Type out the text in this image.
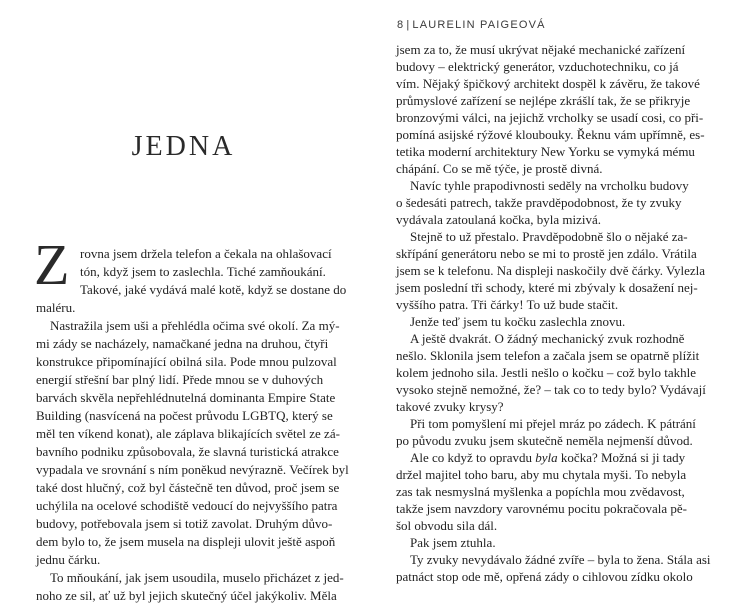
JEDNA
Z rovna jsem držela telefon a čekala na ohlašovací
tón, když jsem to zaslechla. Tiché zamňoukání.
Takové, jaké vydává malé kotě, když se dostane do
maléru.
Nastražila jsem uši a přehlédla očima své okolí. Za mý-
mi zády se nacházely, namačkané jedna na druhou, čtyři
konstrukce připomínající obilná sila. Pode mnou pulzoval
energií střešní bar plný lidí. Přede mnou se v duhových
barvách skvěla nepřehlédnutelná dominanta Empire State
Building (nasvícená na počest průvodu LGBTQ, který se
měl ten víkend konat), ale záplava blikajících světel ze zá-
bavního podniku způsobovala, že slavná turistická atrakce
vypadala ve srovnání s ním poněkud nevýrazně. Večírek byl
také dost hlučný, což byl částečně ten důvod, proč jsem se
uchýlila na ocelové schodiště vedoucí do nejvyššího patra
budovy, potřebovala jsem si totiž zavolat. Druhým důvo-
dem bylo to, že jsem musela na displeji ulovit ještě aspoň
jednu čárku.
To mňoukání, jak jsem usoudila, muselo přicházet z jed-
noho ze sil, ať už byl jejich skutečný účel jakýkoliv. Měla
8 | LAURELIN PAIGEOVÁ
jsem za to, že musí ukrývat nějaké mechanické zařízení
budovy – elektrický generátor, vzduchotechniku, co já
vím. Nějaký špičkový architekt dospěl k závěru, že takové
průmyslové zařízení se nejlépe zkrášlí tak, že se přikryje
bronzovými válci, na jejichž vrcholky se usadí cosi, co při-
pomíná asijské rýžové kloubouky. Řeknu vám upřímně, es-
tetika moderní architektury New Yorku se vymyká mému
chápání. Co se mě týče, je prostě divná.
Navíc tyhle prapodivnosti seděly na vrcholku budovy
o šedesáti patrech, takže pravděpodobnost, že ty zvuky
vydávala zatoulaná kočka, byla mizivá.
Stejně to už přestalo. Pravděpodobně šlo o nějaké za-
skřípání generátoru nebo se mi to prostě jen zdálo. Vrátila
jsem se k telefonu. Na displeji naskočily dvě čárky. Vylezla
jsem poslední tři schody, které mi zbývaly k dosažení nej-
vyššího patra. Tři čárky! To už bude stačit.
Jenže teď jsem tu kočku zaslechla znovu.
A ještě dvakrát. O žádný mechanický zvuk rozhodně
nešlo. Sklonila jsem telefon a začala jsem se opatrně plížit
kolem jednoho sila. Jestli nešlo o kočku – což bylo takhle
vysoko stejně nemožné, že? – tak co to tedy bylo? Vydávají
takové zvuky krysy?
Při tom pomyšlení mi přejel mráz po zádech. K pátrání
po původu zvuku jsem skutečně neměla nejmenší důvod.
Ale co když to opravdu byla kočka? Možná si ji tady
držel majitel toho baru, aby mu chytala myši. To nebyla
zas tak nesmyslná myšlenka a popíchla mou zvědavost,
takže jsem navzdory varovnému pocitu pokračovala pě-
šol obvodu sila dál.
Pak jsem ztuhla.
Ty zvuky nevydávalo žádné zvíře – byla to žena. Stála asi
patnáct stop ode mě, opřená zády o cihlovou zídku okolo
